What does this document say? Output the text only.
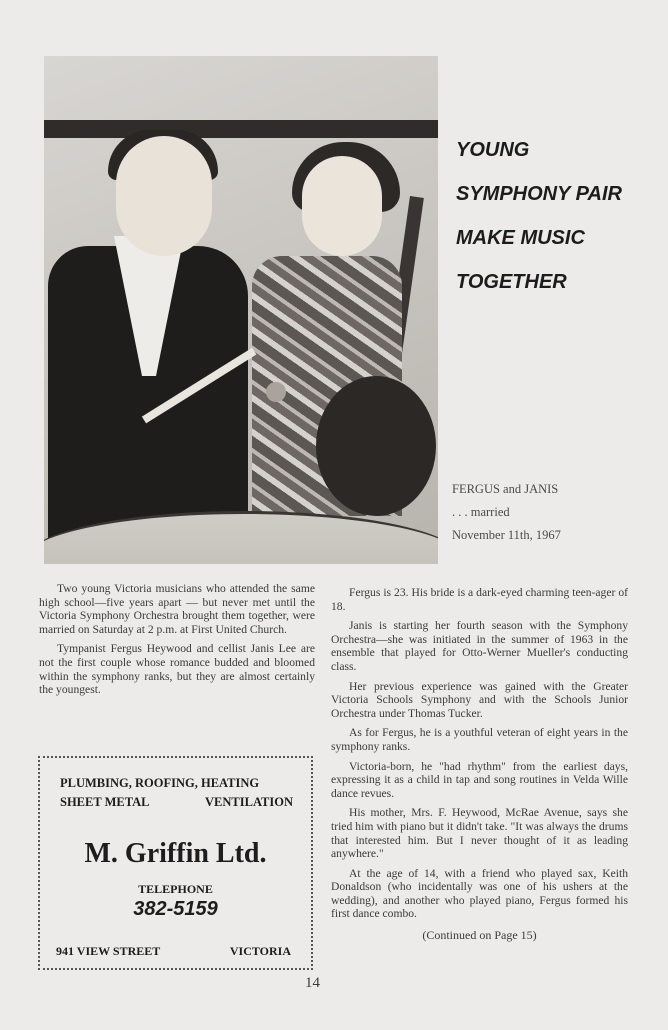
YOUNG
SYMPHONY PAIR
MAKE MUSIC
TOGETHER
FERGUS and JANIS
. . . married
November 11th, 1967

Two young Victoria musicians who attended the same high school—five years apart — but never met until the Victoria Symphony Orchestra brought them together, were married on Saturday at 2 p.m. at First United Church.

Tympanist Fergus Heywood and cellist Janis Lee are not the first couple whose romance budded and bloomed within the symphony ranks, but they are almost certainly the youngest.

PLUMBING, ROOFING, HEATING
SHEET METAL	VENTILATION
M. Griffin Ltd.
TELEPHONE
382-5159
941 VIEW STREET	VICTORIA

Fergus is 23. His bride is a dark-eyed charming teen-ager of 18.

Janis is starting her fourth season with the Symphony Orchestra—she was initiated in the summer of 1963 in the ensemble that played for Otto-Werner Mueller's conducting class.

Her previous experience was gained with the Greater Victoria Schools Symphony and with the Schools Junior Orchestra under Thomas Tucker.

As for Fergus, he is a youthful veteran of eight years in the symphony ranks.

Victoria-born, he "had rhythm" from the earliest days, expressing it as a child in tap and song routines in Velda Wille dance revues.

His mother, Mrs. F. Heywood, McRae Avenue, says she tried him with piano but it didn't take. "It was always the drums that interested him. But I never thought of it as leading anywhere."

At the age of 14, with a friend who played sax, Keith Donaldson (who incidentally was one of his ushers at the wedding), and another who played piano, Fergus formed his first dance combo.

(Continued on Page 15)
14
